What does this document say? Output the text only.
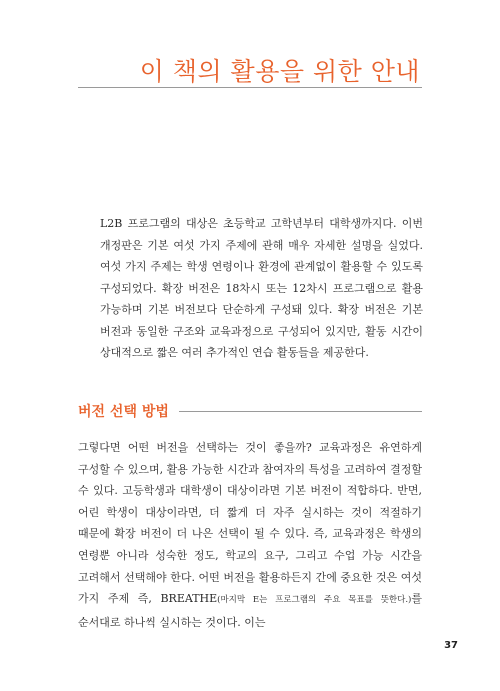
이 책의 활용을 위한 안내

L2B 프로그램의 대상은 초등학교 고학년부터 대학생까지다. 이번 개정판은 기본 여섯 가지 주제에 관해 매우 자세한 설명을 실었다. 여섯 가지 주제는 학생 연령이나 환경에 관계없이 활용할 수 있도록 구성되었다. 확장 버전은 18차시 또는 12차시 프로그램으로 활용 가능하며 기본 버전보다 단순하게 구성돼 있다. 확장 버전은 기본 버전과 동일한 구조와 교육과정으로 구성되어 있지만, 활동 시간이 상대적으로 짧은 여러 추가적인 연습 활동들을 제공한다.

버전 선택 방법

그렇다면 어떤 버전을 선택하는 것이 좋을까? 교육과정은 유연하게 구성할 수 있으며, 활용 가능한 시간과 참여자의 특성을 고려하여 결정할 수 있다. 고등학생과 대학생이 대상이라면 기본 버전이 적합하다. 반면, 어린 학생이 대상이라면, 더 짧게 더 자주 실시하는 것이 적절하기 때문에 확장 버전이 더 나은 선택이 될 수 있다. 즉, 교육과정은 학생의 연령뿐 아니라 성숙한 정도, 학교의 요구, 그리고 수업 가능 시간을 고려해서 선택해야 한다. 어떤 버전을 활용하든지 간에 중요한 것은 여섯 가지 주제 즉, BREATHE(마지막 E는 프로그램의 주요 목표를 뜻한다.)를 순서대로 하나씩 실시하는 것이다. 이는

37
